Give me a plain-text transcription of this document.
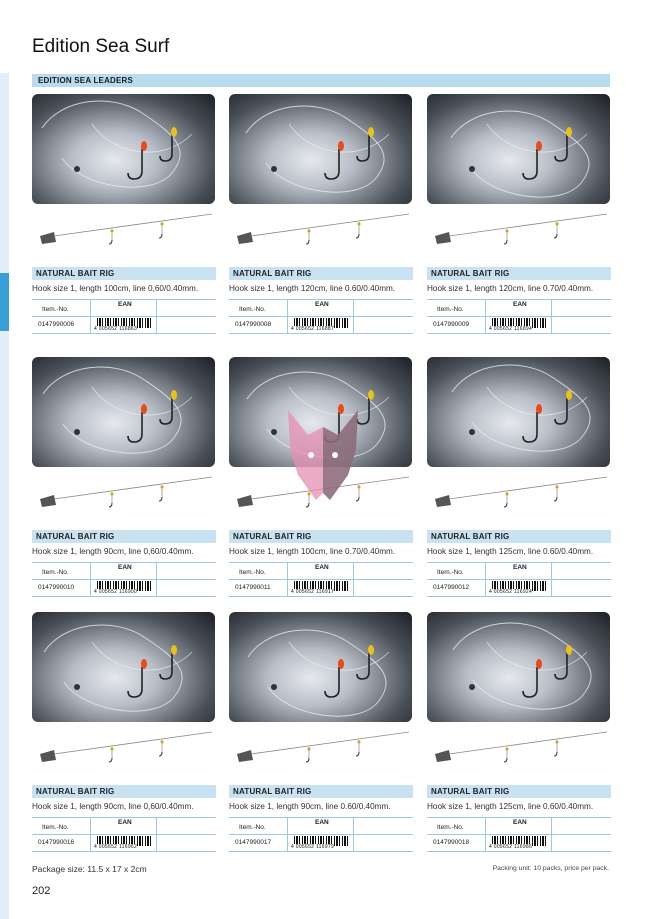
Edition Sea Surf
EDITION SEA LEADERS
NATURAL BAIT RIG
Hook size 1, length 100cm, line 0,60/0.40mm.
Item.-No.
EAN
0147990006
4 005652 116863
NATURAL BAIT RIG
Hook size 1, length 120cm, line 0.60/0.40mm.
Item.-No.
EAN
0147990008
4 005652 116887
NATURAL BAIT RIG
Hook size 1, length 120cm, line 0.70/0.40mm.
Item.-No.
EAN
0147990009
4 005652 116894
NATURAL BAIT RIG
Hook size 1, length 90cm, line 0,60/0.40mm.
Item.-No.
EAN
0147990010
4 005652 116900
NATURAL BAIT RIG
Hook size 1, length 100cm, line 0.70/0.40mm.
Item.-No.
EAN
0147990011
4 005652 116917
NATURAL BAIT RIG
Hook size 1, length 125cm, line 0.60/0.40mm.
Item.-No.
EAN
0147990012
4 005652 116924
NATURAL BAIT RIG
Hook size 1, length 90cm, line 0,60/0.40mm.
Item.-No.
EAN
0147990016
4 005652 116962
NATURAL BAIT RIG
Hook size 1, length 90cm, line 0.60/0.40mm.
Item.-No.
EAN
0147990017
4 005652 116979
NATURAL BAIT RIG
Hook size 1, length 125cm, line 0.60/0.40mm.
Item.-No.
EAN
0147990018
4 005652 116986
Package size: 11.5 x 17 x 2cm	Packing unit: 10 packs, price per pack.
202
